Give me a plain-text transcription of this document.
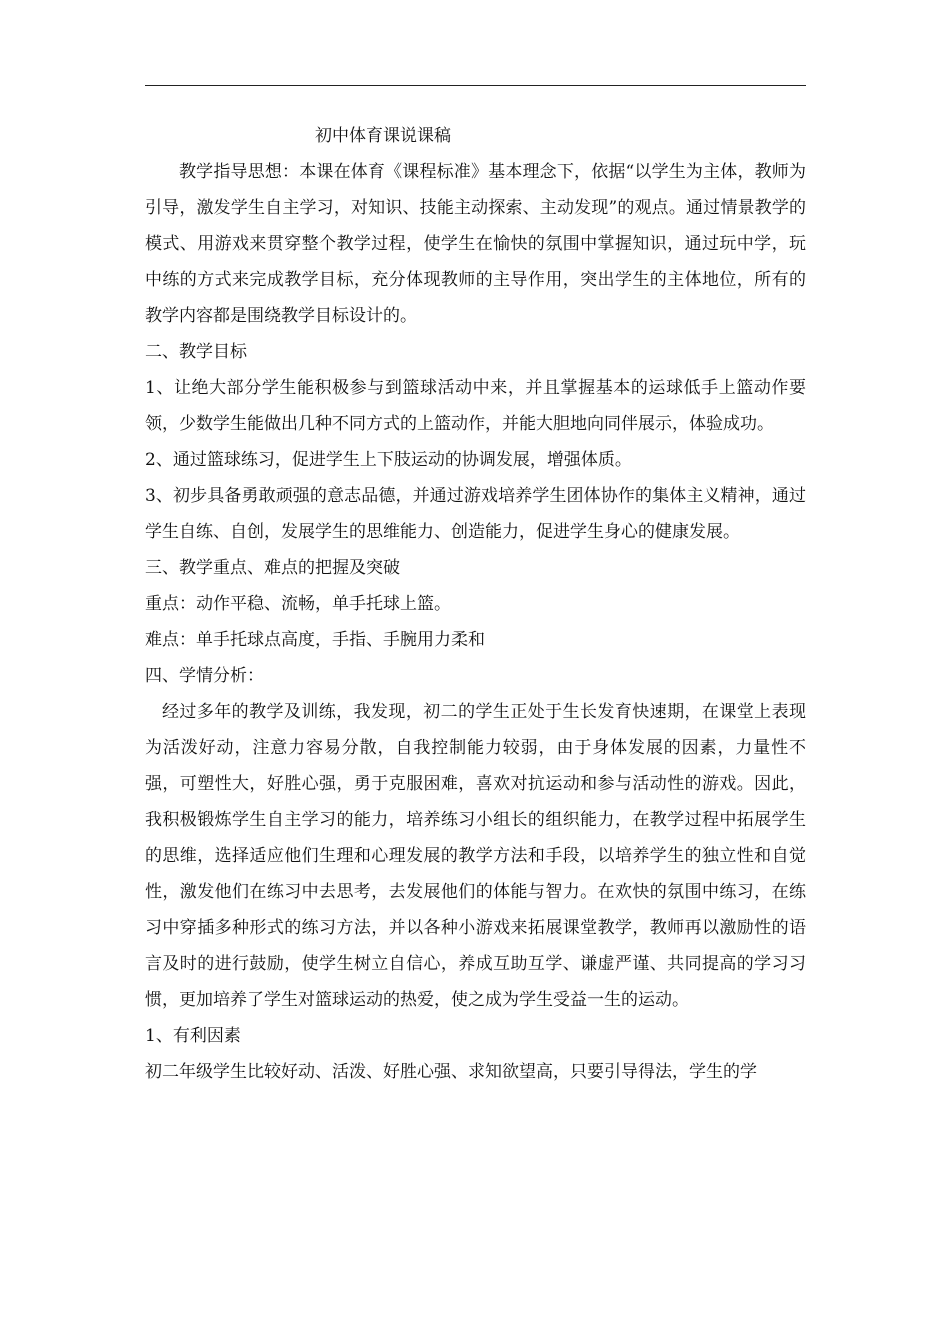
初中体育课说课稿

教学指导思想：本课在体育《课程标准》基本理念下，依据“以学生为主体，教师为引导，激发学生自主学习，对知识、技能主动探索、主动发现”的观点。通过情景教学的模式、用游戏来贯穿整个教学过程，使学生在愉快的氛围中掌握知识，通过玩中学，玩中练的方式来完成教学目标，充分体现教师的主导作用，突出学生的主体地位，所有的教学内容都是围绕教学目标设计的。

二、教学目标

1、让绝大部分学生能积极参与到篮球活动中来，并且掌握基本的运球低手上篮动作要领，少数学生能做出几种不同方式的上篮动作，并能大胆地向同伴展示，体验成功。

2、通过篮球练习，促进学生上下肢运动的协调发展，增强体质。

3、初步具备勇敢顽强的意志品德，并通过游戏培养学生团体协作的集体主义精神，通过学生自练、自创，发展学生的思维能力、创造能力，促进学生身心的健康发展。

三、教学重点、难点的把握及突破

重点：动作平稳、流畅，单手托球上篮。

难点：单手托球点高度，手指、手腕用力柔和

四、学情分析：

经过多年的教学及训练，我发现，初二的学生正处于生长发育快速期，在课堂上表现为活泼好动，注意力容易分散，自我控制能力较弱，由于身体发展的因素，力量性不强，可塑性大，好胜心强，勇于克服困难，喜欢对抗运动和参与活动性的游戏。因此，我积极锻炼学生自主学习的能力，培养练习小组长的组织能力，在教学过程中拓展学生的思维，选择适应他们生理和心理发展的教学方法和手段，以培养学生的独立性和自觉性，激发他们在练习中去思考，去发展他们的体能与智力。在欢快的氛围中练习，在练习中穿插多种形式的练习方法，并以各种小游戏来拓展课堂教学，教师再以激励性的语言及时的进行鼓励，使学生树立自信心，养成互助互学、谦虚严谨、共同提高的学习习惯，更加培养了学生对篮球运动的热爱，使之成为学生受益一生的运动。

1、有利因素

初二年级学生比较好动、活泼、好胜心强、求知欲望高，只要引导得法，学生的学
